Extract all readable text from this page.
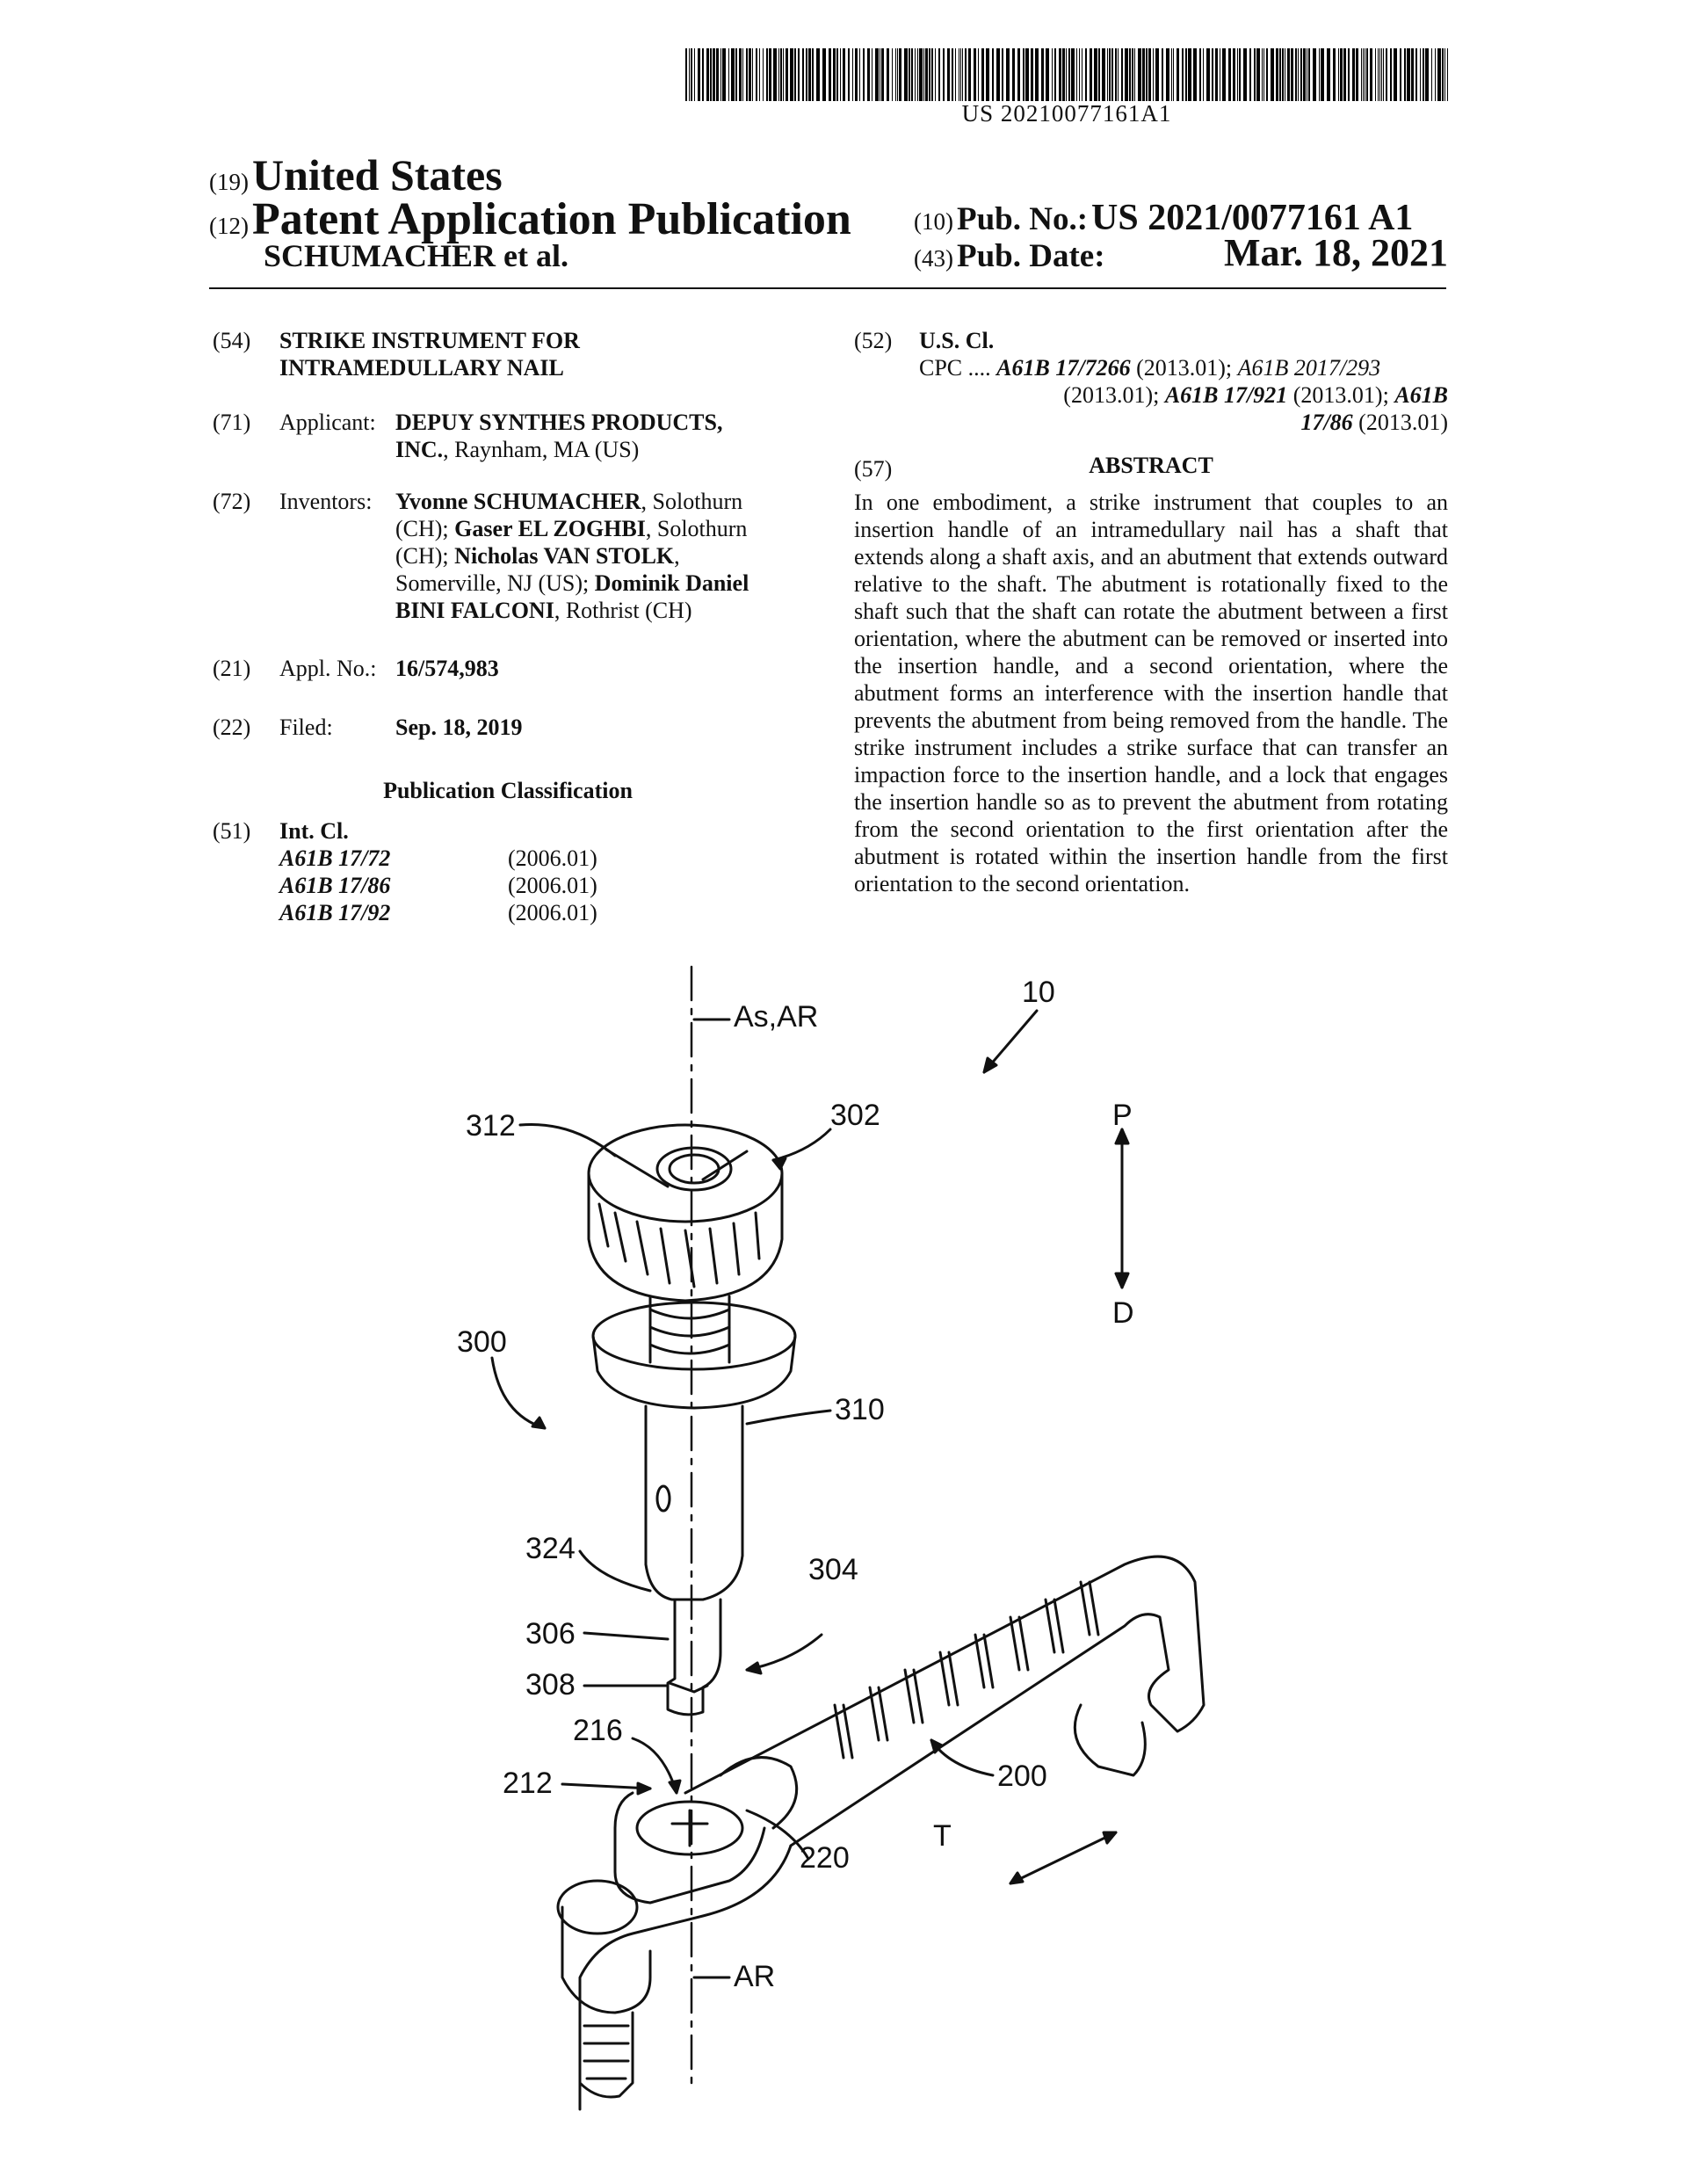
US 20210077161A1
(19) United States
(12) Patent Application Publication
SCHUMACHER et al.
(10) Pub. No.: US 2021/0077161 A1
(43) Pub. Date:	Mar. 18, 2021
(54) STRIKE INSTRUMENT FOR
INTRAMEDULLARY NAIL
(71) Applicant: DEPUY SYNTHES PRODUCTS,
INC., Raynham, MA (US)
(72) Inventors: Yvonne SCHUMACHER, Solothurn
(CH); Gaser EL ZOGHBI, Solothurn
(CH); Nicholas VAN STOLK,
Somerville, NJ (US); Dominik Daniel
BINI FALCONI, Rothrist (CH)
(21) Appl. No.: 16/574,983
(22) Filed:	Sep. 18, 2019
Publication Classification
(51) Int. Cl.
A61B 17/72	(2006.01)
A61B 17/86	(2006.01)
A61B 17/92	(2006.01)
(52) U.S. Cl.
CPC .... A61B 17/7266 (2013.01); A61B 2017/293
(2013.01); A61B 17/921 (2013.01); A61B
17/86 (2013.01)
(57)	ABSTRACT
In one embodiment, a strike instrument that couples to an insertion handle of an intramedullary nail has a shaft that extends along a shaft axis, and an abutment that extends outward relative to the shaft. The abutment is rotationally fixed to the shaft such that the shaft can rotate the abutment between a first orientation, where the abutment can be removed or inserted into the insertion handle, and a second orientation, where the abutment forms an interference with the insertion handle that prevents the abutment from being removed from the handle. The strike instrument includes a strike surface that can transfer an impaction force to the insertion handle, and a lock that engages the insertion handle so as to prevent the abutment from rotating from the second orientation to the first orientation after the abutment is rotated within the insertion handle from the first orientation to the second orientation.
As,AR
10
312	302	P
D
300
310
324
304
306
308
216
212	200
220
T
AR
